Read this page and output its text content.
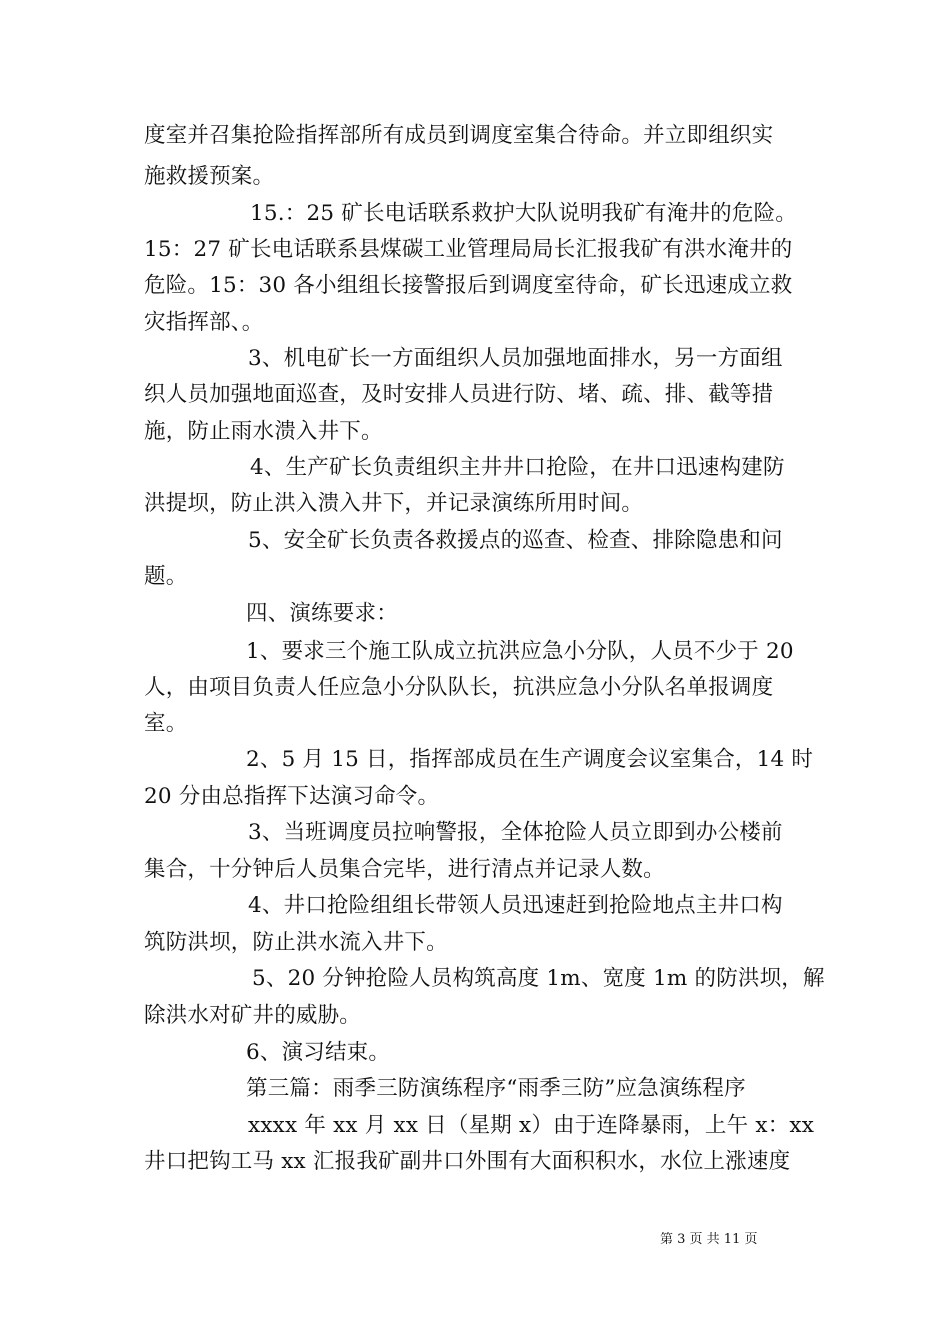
度室并召集抢险指挥部所有成员到调度室集合待命。并立即组织实
施救援预案。
15.：25 矿长电话联系救护大队说明我矿有淹井的危险。
15：27 矿长电话联系县煤碳工业管理局局长汇报我矿有洪水淹井的
危险。15：30 各小组组长接警报后到调度室待命，矿长迅速成立救
灾指挥部、。
3、机电矿长一方面组织人员加强地面排水，另一方面组
织人员加强地面巡查，及时安排人员进行防、堵、疏、排、截等措
施，防止雨水溃入井下。
4、生产矿长负责组织主井井口抢险，在井口迅速构建防
洪提坝，防止洪入溃入井下，并记录演练所用时间。
5、安全矿长负责各救援点的巡查、检查、排除隐患和问
题。
四、演练要求：
1、要求三个施工队成立抗洪应急小分队，人员不少于 20
人，由项目负责人任应急小分队队长，抗洪应急小分队名单报调度
室。
2、5 月 15 日，指挥部成员在生产调度会议室集合，14 时
20 分由总指挥下达演习命令。
3、当班调度员拉响警报，全体抢险人员立即到办公楼前
集合，十分钟后人员集合完毕，进行清点并记录人数。
4、井口抢险组组长带领人员迅速赶到抢险地点主井口构
筑防洪坝，防止洪水流入井下。
5、20 分钟抢险人员构筑高度 1m、宽度 1m 的防洪坝，解
除洪水对矿井的威胁。
6、演习结束。
第三篇：雨季三防演练程序“雨季三防”应急演练程序
xxxx 年 xx 月 xx 日（星期 x）由于连降暴雨，上午 x：xx
井口把钩工马 xx 汇报我矿副井口外围有大面积积水，水位上涨速度
第 3 页 共 11 页
